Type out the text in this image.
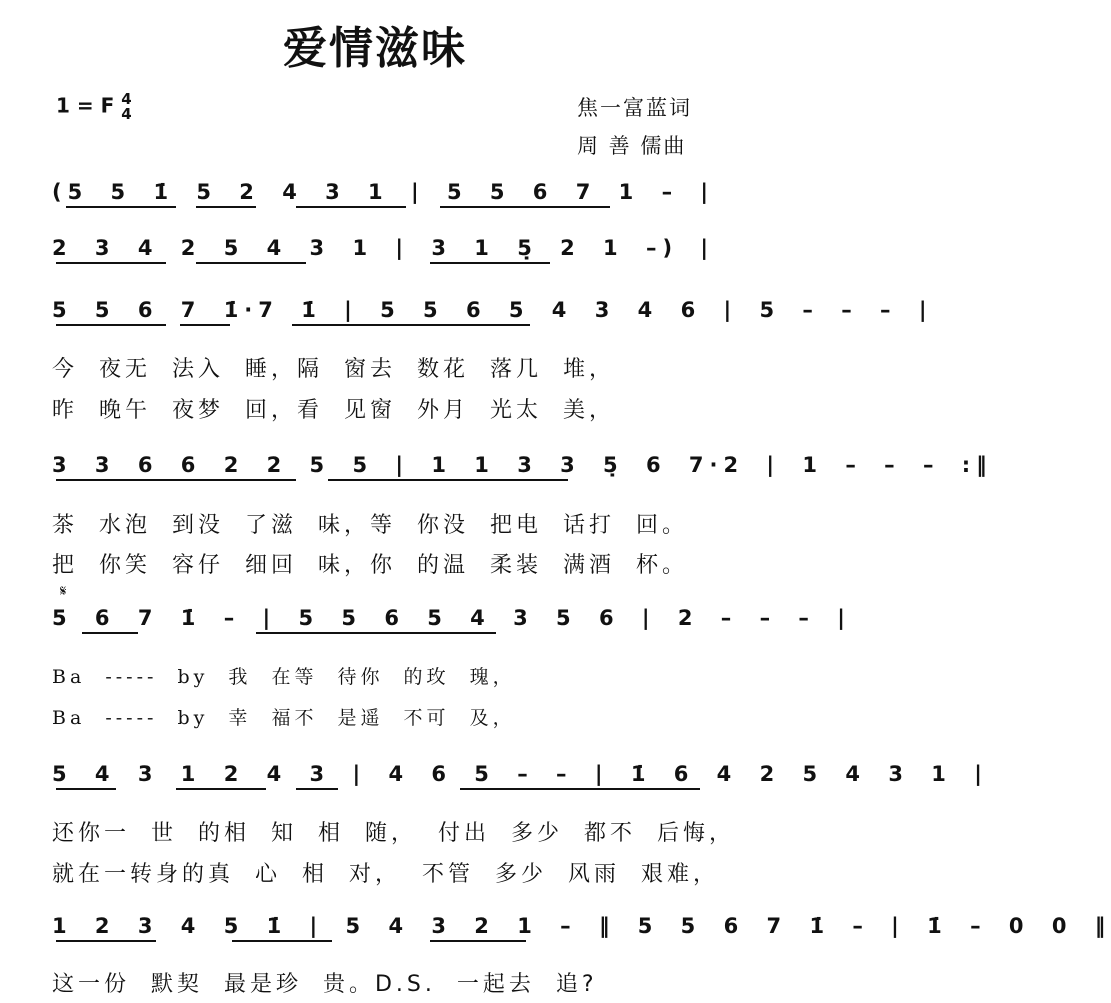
爱情滋味
1 = F 4
4	焦一富蓝词
周 善 儒曲
(5 5 1̇ 5 2 4 3 1 | 5 5 6 7 1 – |
2 3 4 2 5 4 3 1 | 3 1 5̣ 2 1 –) |
5 5 6 7 1̇·7 1̇ | 5 5 6 5 4 3 4 6 | 5 – – – |
今 夜无 法入 睡，隔 窗去 数花 落几 堆，
昨 晚午 夜梦 回，看 见窗 外月 光太 美，
3 3 6 6 2 2 5 5 | 1 1 3 3 5̣ 6 7·2 | 1 – – – :‖
茶 水泡 到没 了滋 味，等 你没 把电 话打 回。
把 你笑 容仔 细回 味，你 的温 柔装 满酒 杯。
𝄋
5 6 7 1̇ – | 5 5 6 5 4 3 5 6 | 2 – – – |
Ba ----- by 我 在等 待你 的玫 瑰，
Ba ----- by 幸 福不 是遥 不可 及，
5 4 3 1 2 4 3 | 4 6 5 – – | 1̇ 6 4 2 5 4 3 1 |
还你一 世 的相 知 相 随， 付出 多少 都不 后悔，
就在一转身的真 心 相 对， 不管 多少 风雨 艰难，
1 2 3 4 5 1̇ | 5 4 3 2 1 – ‖ 5 5 6 7 1̇ – | 1̇ – 0 0 ‖
这一份 默契 最是珍 贵。D.S. 一起去 追?
